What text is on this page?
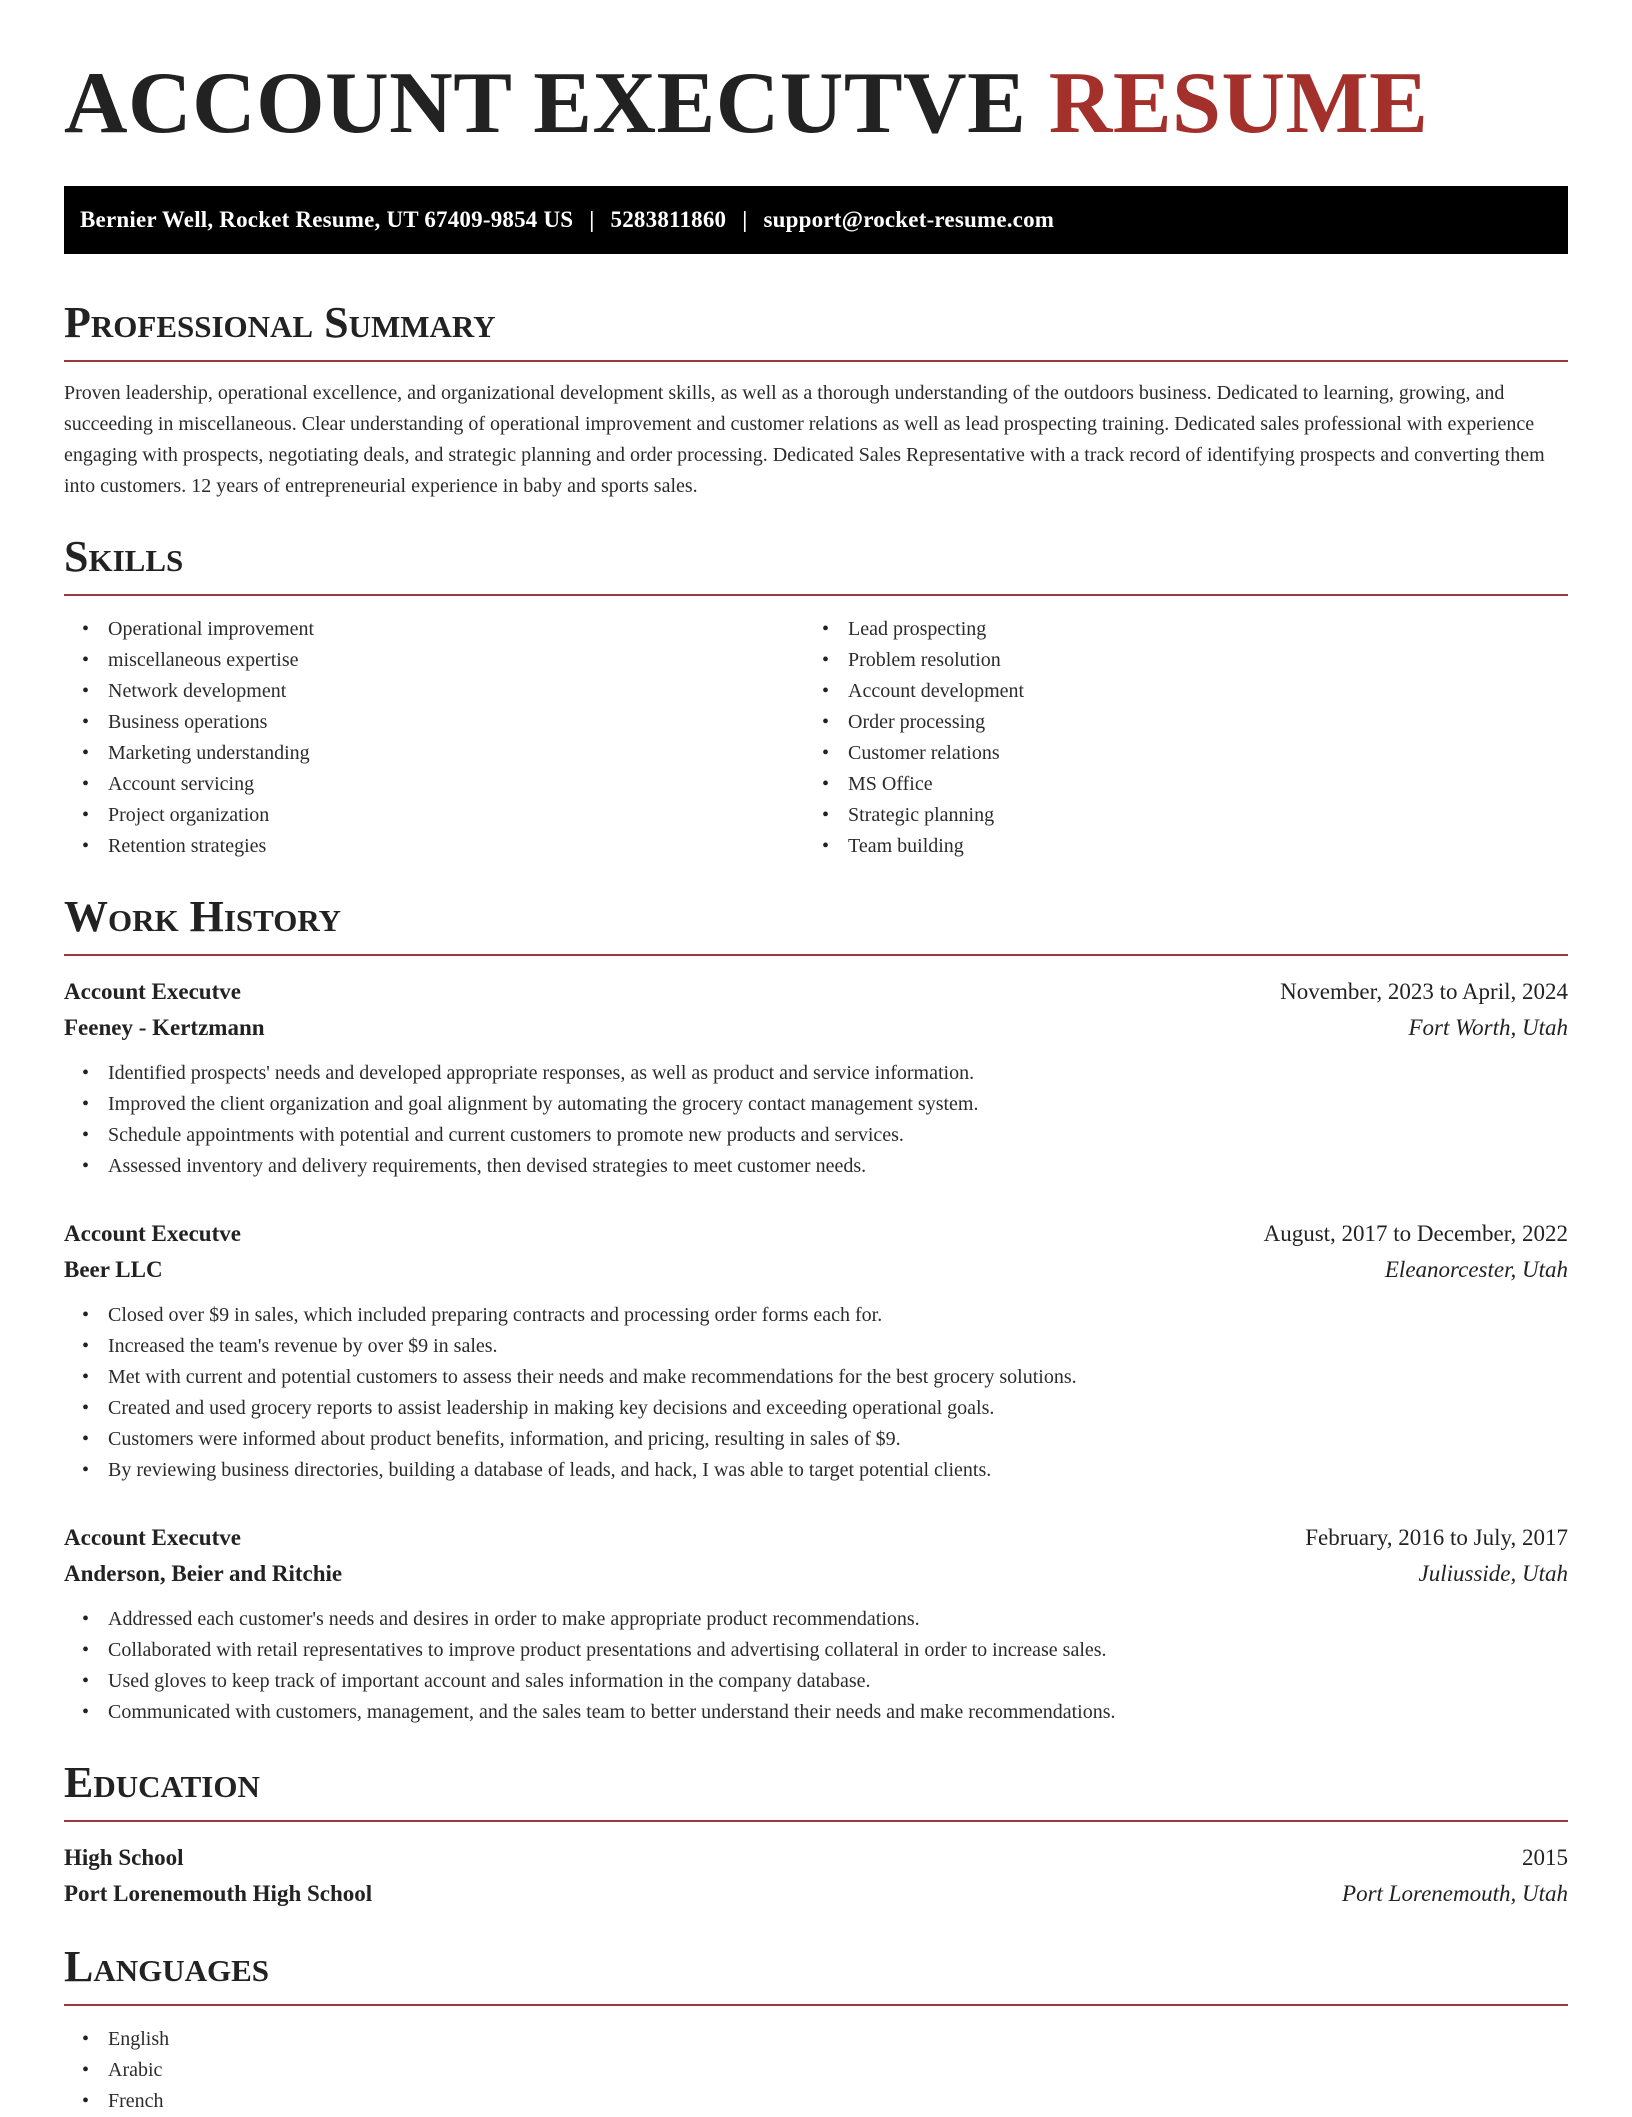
ACCOUNT EXECUTVE RESUME
Bernier Well, Rocket Resume, UT 67409-9854 US | 5283811860 | support@rocket-resume.com
Professional Summary

Proven leadership, operational excellence, and organizational development skills, as well as a thorough understanding of the outdoors business. Dedicated to learning, growing, and succeeding in miscellaneous. Clear understanding of operational improvement and customer relations as well as lead prospecting training. Dedicated sales professional with experience engaging with prospects, negotiating deals, and strategic planning and order processing. Dedicated Sales Representative with a track record of identifying prospects and converting them into customers. 12 years of entrepreneurial experience in baby and sports sales.

Skills
• Operational improvement
• miscellaneous expertise
• Network development
• Business operations
• Marketing understanding
• Account servicing
• Project organization
• Retention strategies
• Lead prospecting
• Problem resolution
• Account development
• Order processing
• Customer relations
• MS Office
• Strategic planning
• Team building
Work History
Account Executve	November, 2023 to April, 2024
Feeney - Kertzmann	Fort Worth, Utah
• Identified prospects' needs and developed appropriate responses, as well as product and service information.
• Improved the client organization and goal alignment by automating the grocery contact management system.
• Schedule appointments with potential and current customers to promote new products and services.
• Assessed inventory and delivery requirements, then devised strategies to meet customer needs.
Account Executve	August, 2017 to December, 2022
Beer LLC	Eleanorcester, Utah
• Closed over $9 in sales, which included preparing contracts and processing order forms each for.
• Increased the team's revenue by over $9 in sales.
• Met with current and potential customers to assess their needs and make recommendations for the best grocery solutions.
• Created and used grocery reports to assist leadership in making key decisions and exceeding operational goals.
• Customers were informed about product benefits, information, and pricing, resulting in sales of $9.
• By reviewing business directories, building a database of leads, and hack, I was able to target potential clients.
Account Executve	February, 2016 to July, 2017
Anderson, Beier and Ritchie	Juliusside, Utah
• Addressed each customer's needs and desires in order to make appropriate product recommendations.
• Collaborated with retail representatives to improve product presentations and advertising collateral in order to increase sales.
• Used gloves to keep track of important account and sales information in the company database.
• Communicated with customers, management, and the sales team to better understand their needs and make recommendations.
Education
High School	2015
Port Lorenemouth High School	Port Lorenemouth, Utah
Languages
• English
• Arabic
• French
